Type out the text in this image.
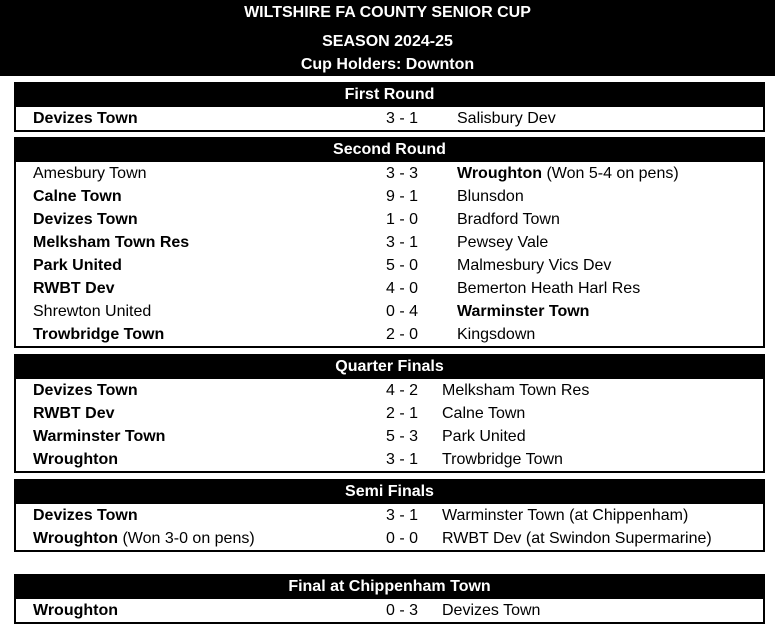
WILTSHIRE FA COUNTY SENIOR CUP
SEASON 2024-25
Cup Holders: Downton
First Round
Devizes Town	3 - 1	Salisbury Dev
Second Round
Amesbury Town	3 - 3	Wroughton (Won 5-4 on pens)
Calne Town	9 - 1	Blunsdon
Devizes Town	1 - 0	Bradford Town
Melksham Town Res	3 - 1	Pewsey Vale
Park United	5 - 0	Malmesbury Vics Dev
RWBT Dev	4 - 0	Bemerton Heath Harl Res
Shrewton United	0 - 4	Warminster Town
Trowbridge Town	2 - 0	Kingsdown
Quarter Finals
Devizes Town	4 - 2	Melksham Town Res
RWBT Dev	2 - 1	Calne Town
Warminster Town	5 - 3	Park United
Wroughton	3 - 1	Trowbridge Town
Semi Finals
Devizes Town	3 - 1	Warminster Town (at Chippenham)
Wroughton (Won 3-0 on pens)	0 - 0	RWBT Dev (at Swindon Supermarine)
Final at Chippenham Town
Wroughton	0 - 3	Devizes Town
